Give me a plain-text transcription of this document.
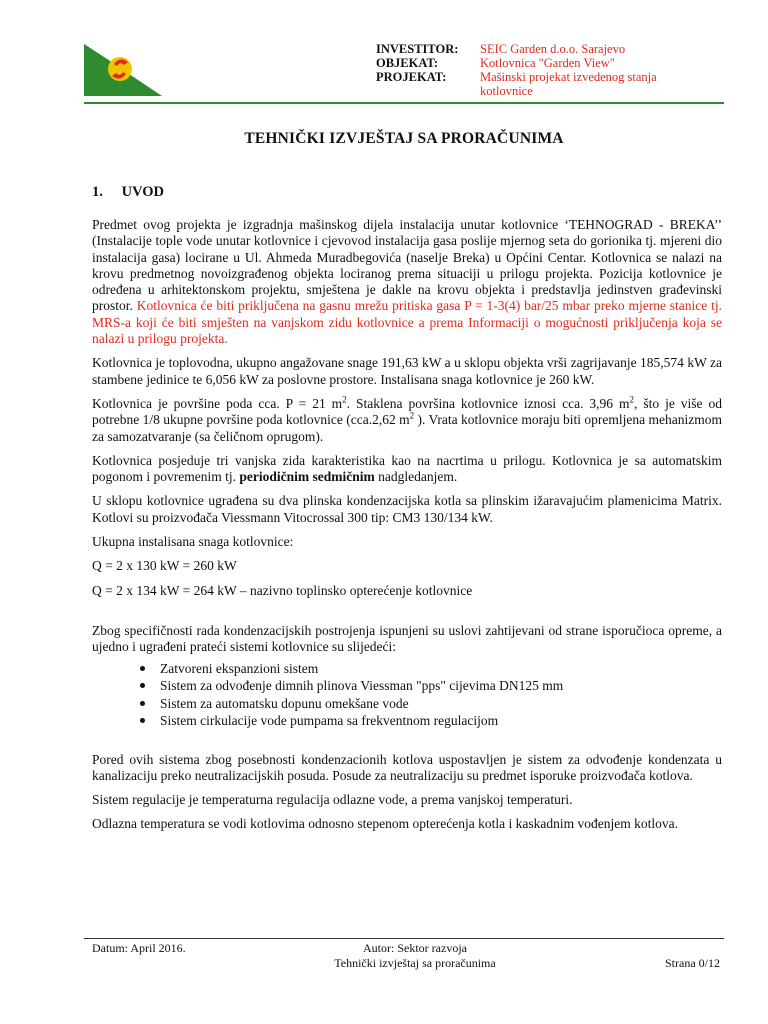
INVESTITOR:	SEIC Garden d.o.o. Sarajevo
OBJEKAT:	Kotlovnica "Garden View"
PROJEKAT:	Mašinski projekat izvedenog stanja kotlovnice
TEHNIČKI IZVJEŠTAJ SA PRORAČUNIMA
1. UVOD

Predmet ovog projekta je izgradnja mašinskog dijela instalacija unutar kotlovnice ‘TEHNOGRAD - BREKA’’ (Instalacije tople vode unutar kotlovnice i cjevovod instalacija gasa poslije mjernog seta do gorionika tj. mjereni dio instalacija gasa) locirane u Ul. Ahmeda Muradbegovića (naselje Breka) u Općini Centar. Kotlovnica se nalazi na krovu predmetnog novoizgrađenog objekta lociranog prema situaciji u prilogu projekta. Pozicija kotlovnice je određena u arhitektonskom projektu, smještena je dakle na krovu objekta i predstavlja jedinstven građevinski prostor. Kotlovnica će biti priključena na gasnu mrežu pritiska gasa P = 1-3(4) bar/25 mbar preko mjerne stanice tj. MRS-a koji će biti smješten na vanjskom zidu kotlovnice a prema Informaciji o mogućnosti priključenja koja se nalazi u prilogu projekta.

Kotlovnica je toplovodna, ukupno angažovane snage 191,63 kW a u sklopu objekta vrši zagrijavanje 185,574 kW za stambene jedinice te 6,056 kW za poslovne prostore. Instalisana snaga kotlovnice je 260 kW.

Kotlovnica je površine poda cca. P = 21 $m^2$. Staklena površina kotlovnice iznosi cca. 3,96 $m^2$, što je više od potrebne 1/8 ukupne površine poda kotlovnice (cca.2,62 $m^2$ ). Vrata kotlovnice moraju biti opremljena mehanizmom za samozatvaranje (sa čeličnom oprugom).

Kotlovnica posjeduje tri vanjska zida karakteristika kao na nacrtima u prilogu. Kotlovnica je sa automatskim pogonom i povremenim tj. periodičnim sedmičnim nadgledanjem.

U sklopu kotlovnice ugrađena su dva plinska kondenzacijska kotla sa plinskim ižaravajućim plamenicima Matrix. Kotlovi su proizvođača Viessmann Vitocrossal 300 tip: CM3 130/134 kW.

Ukupna instalisana snaga kotlovnice:

Q = 2 x 130 kW = 260 kW

Q = 2 x 134 kW = 264 kW – nazivno toplinsko opterećenje kotlovnice

Zbog specifičnosti rada kondenzacijskih postrojenja ispunjeni su uslovi zahtijevani od strane isporučioca opreme, a ujedno i ugrađeni prateći sistemi kotlovnice su slijedeći:

Zatvoreni ekspanzioni sistem
Sistem za odvođenje dimnih plinova Viessman "pps" cijevima DN125 mm
Sistem za automatsku dopunu omekšane vode
Sistem cirkulacije vode pumpama sa frekventnom regulacijom

Pored ovih sistema zbog posebnosti kondenzacionih kotlova uspostavljen je sistem za odvođenje kondenzata u kanalizaciju preko neutralizacijskih posuda. Posude za neutralizaciju su predmet isporuke proizvođača kotlova.

Sistem regulacije je temperaturna regulacija odlazne vode, a prema vanjskoj temperaturi.

Odlazna temperatura se vodi kotlovima odnosno stepenom opterećenja kotla i kaskadnim vođenjem kotlova.

Datum: April 2016.	Autor: Sektor razvoja
Tehnički izvještaj sa proračunima	Strana 0/12
